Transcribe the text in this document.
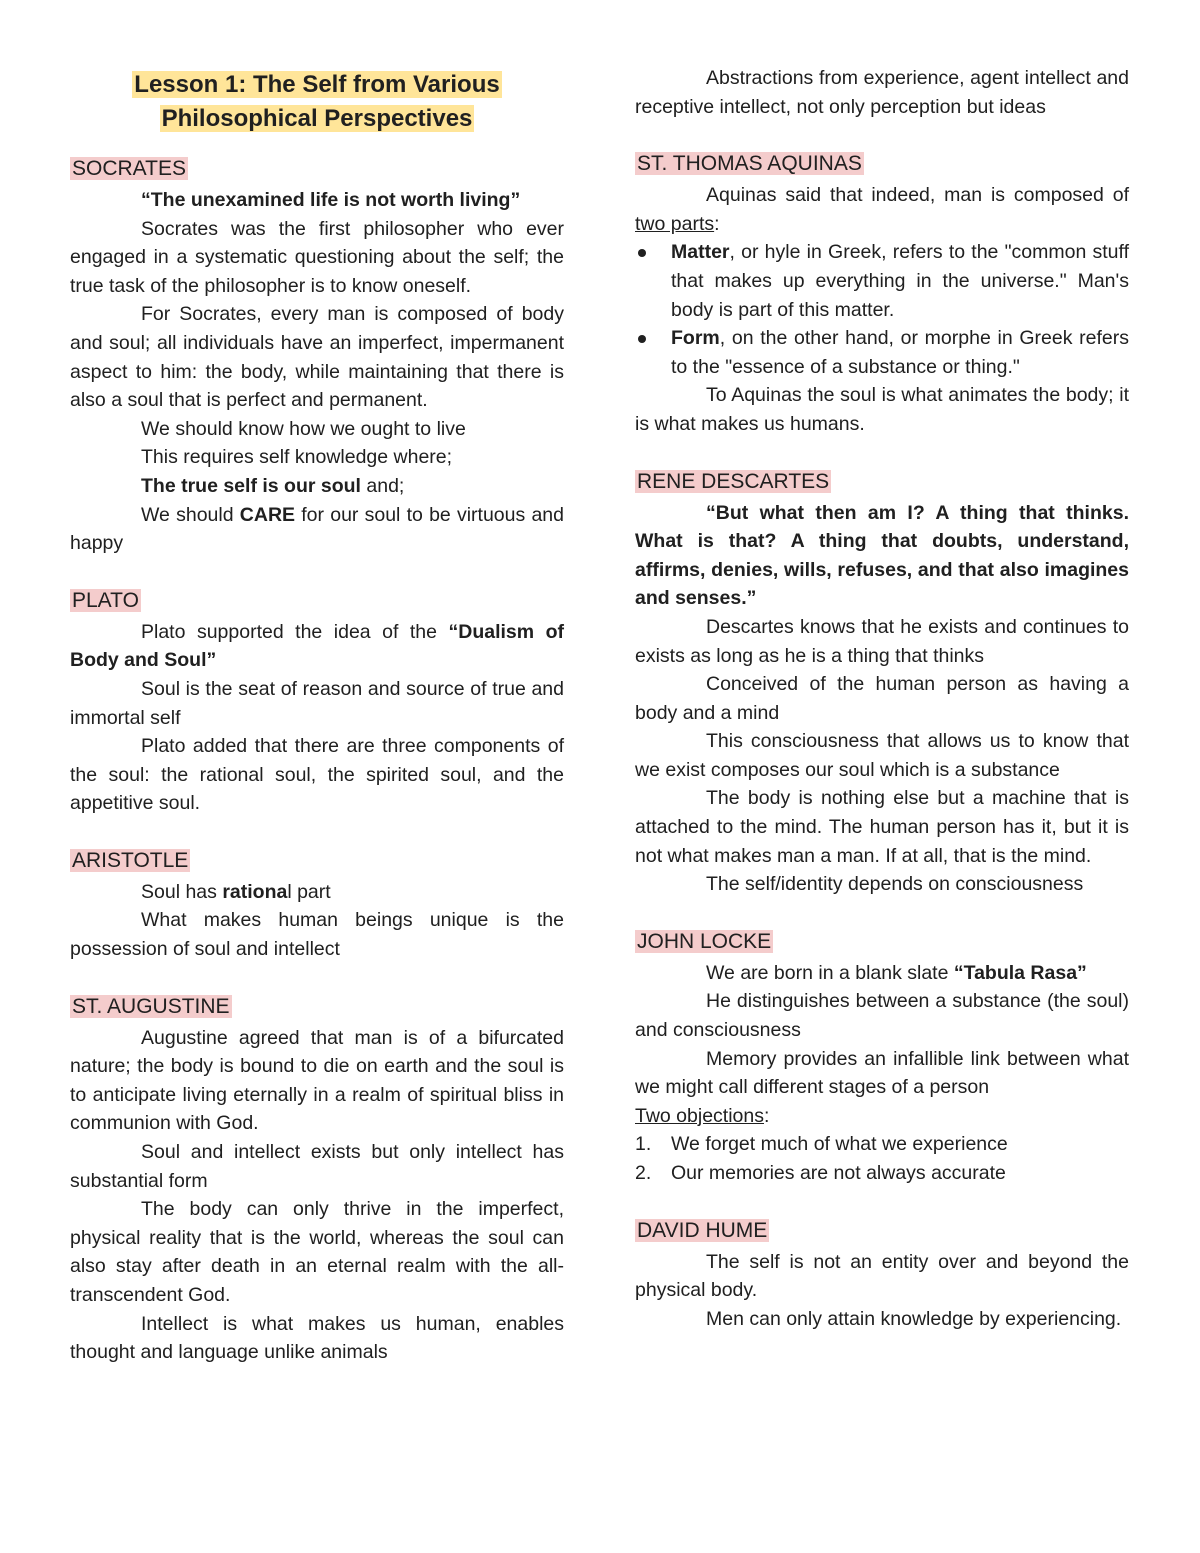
Lesson 1: The Self from Various
Philosophical Perspectives
SOCRATES

“The unexamined life is not worth living”

Socrates was the first philosopher who ever engaged in a systematic questioning about the self; the true task of the philosopher is to know oneself.

For Socrates, every man is composed of body and soul; all individuals have an imperfect, impermanent aspect to him: the body, while maintaining that there is also a soul that is perfect and permanent.

We should know how we ought to live

This requires self knowledge where;

The true self is our soul and;

We should CARE for our soul to be virtuous and happy

PLATO

Plato supported the idea of the “Dualism of Body and Soul”

Soul is the seat of reason and source of true and immortal self

Plato added that there are three components of the soul: the rational soul, the spirited soul, and the appetitive soul.

ARISTOTLE

Soul has rational part

What makes human beings unique is the possession of soul and intellect

ST. AUGUSTINE

Augustine agreed that man is of a bifurcated nature; the body is bound to die on earth and the soul is to anticipate living eternally in a realm of spiritual bliss in communion with God.

Soul and intellect exists but only intellect has substantial form

The body can only thrive in the imperfect, physical reality that is the world, whereas the soul can also stay after death in an eternal realm with the all-transcendent God.

Intellect is what makes us human, enables thought and language unlike animals

Abstractions from experience, agent intellect and receptive intellect, not only perception but ideas

ST. THOMAS AQUINAS

Aquinas said that indeed, man is composed of two parts:

Matter, or hyle in Greek, refers to the "common stuff that makes up everything in the universe." Man's body is part of this matter.
Form, on the other hand, or morphe in Greek refers to the "essence of a substance or thing."

To Aquinas the soul is what animates the body; it is what makes us humans.

RENE DESCARTES

“But what then am I? A thing that thinks. What is that? A thing that doubts, understand, affirms, denies, wills, refuses, and that also imagines and senses.”

Descartes knows that he exists and continues to exists as long as he is a thing that thinks

Conceived of the human person as having a body and a mind

This consciousness that allows us to know that we exist composes our soul which is a substance

The body is nothing else but a machine that is attached to the mind. The human person has it, but it is not what makes man a man. If at all, that is the mind.

The self/identity depends on consciousness

JOHN LOCKE

We are born in a blank slate “Tabula Rasa”

He distinguishes between a substance (the soul) and consciousness

Memory provides an infallible link between what we might call different stages of a person

Two objections:

1. We forget much of what we experience
2. Our memories are not always accurate
DAVID HUME

The self is not an entity over and beyond the physical body.

Men can only attain knowledge by experiencing.
